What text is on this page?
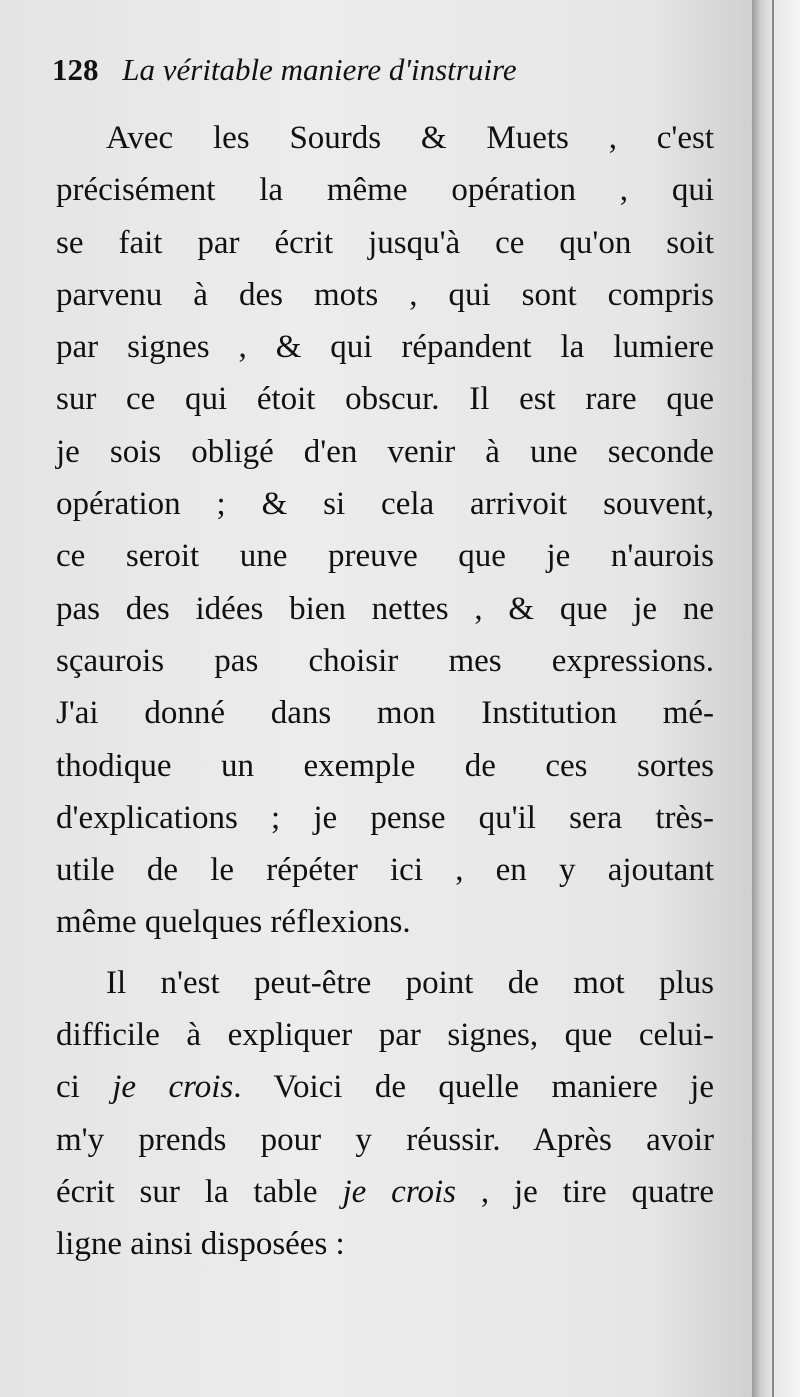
128 La véritable maniere d'instruire
Avec les Sourds & Muets , c'est
précisément la même opération , qui
se fait par écrit jusqu'à ce qu'on soit
parvenu à des mots , qui sont compris
par signes , & qui répandent la lumiere
sur ce qui étoit obscur. Il est rare que
je sois obligé d'en venir à une seconde
opération ; & si cela arrivoit souvent,
ce seroit une preuve que je n'aurois
pas des idées bien nettes , & que je ne
sçaurois pas choisir mes expressions.
J'ai donné dans mon Institution mé-
thodique un exemple de ces sortes
d'explications ; je pense qu'il sera très-
utile de le répéter ici , en y ajoutant
même quelques réflexions.
Il n'est peut-être point de mot plus
difficile à expliquer par signes, que celui-
ci je crois. Voici de quelle maniere je
m'y prends pour y réussir. Après avoir
écrit sur la table je crois , je tire quatre
ligne ainsi disposées :
